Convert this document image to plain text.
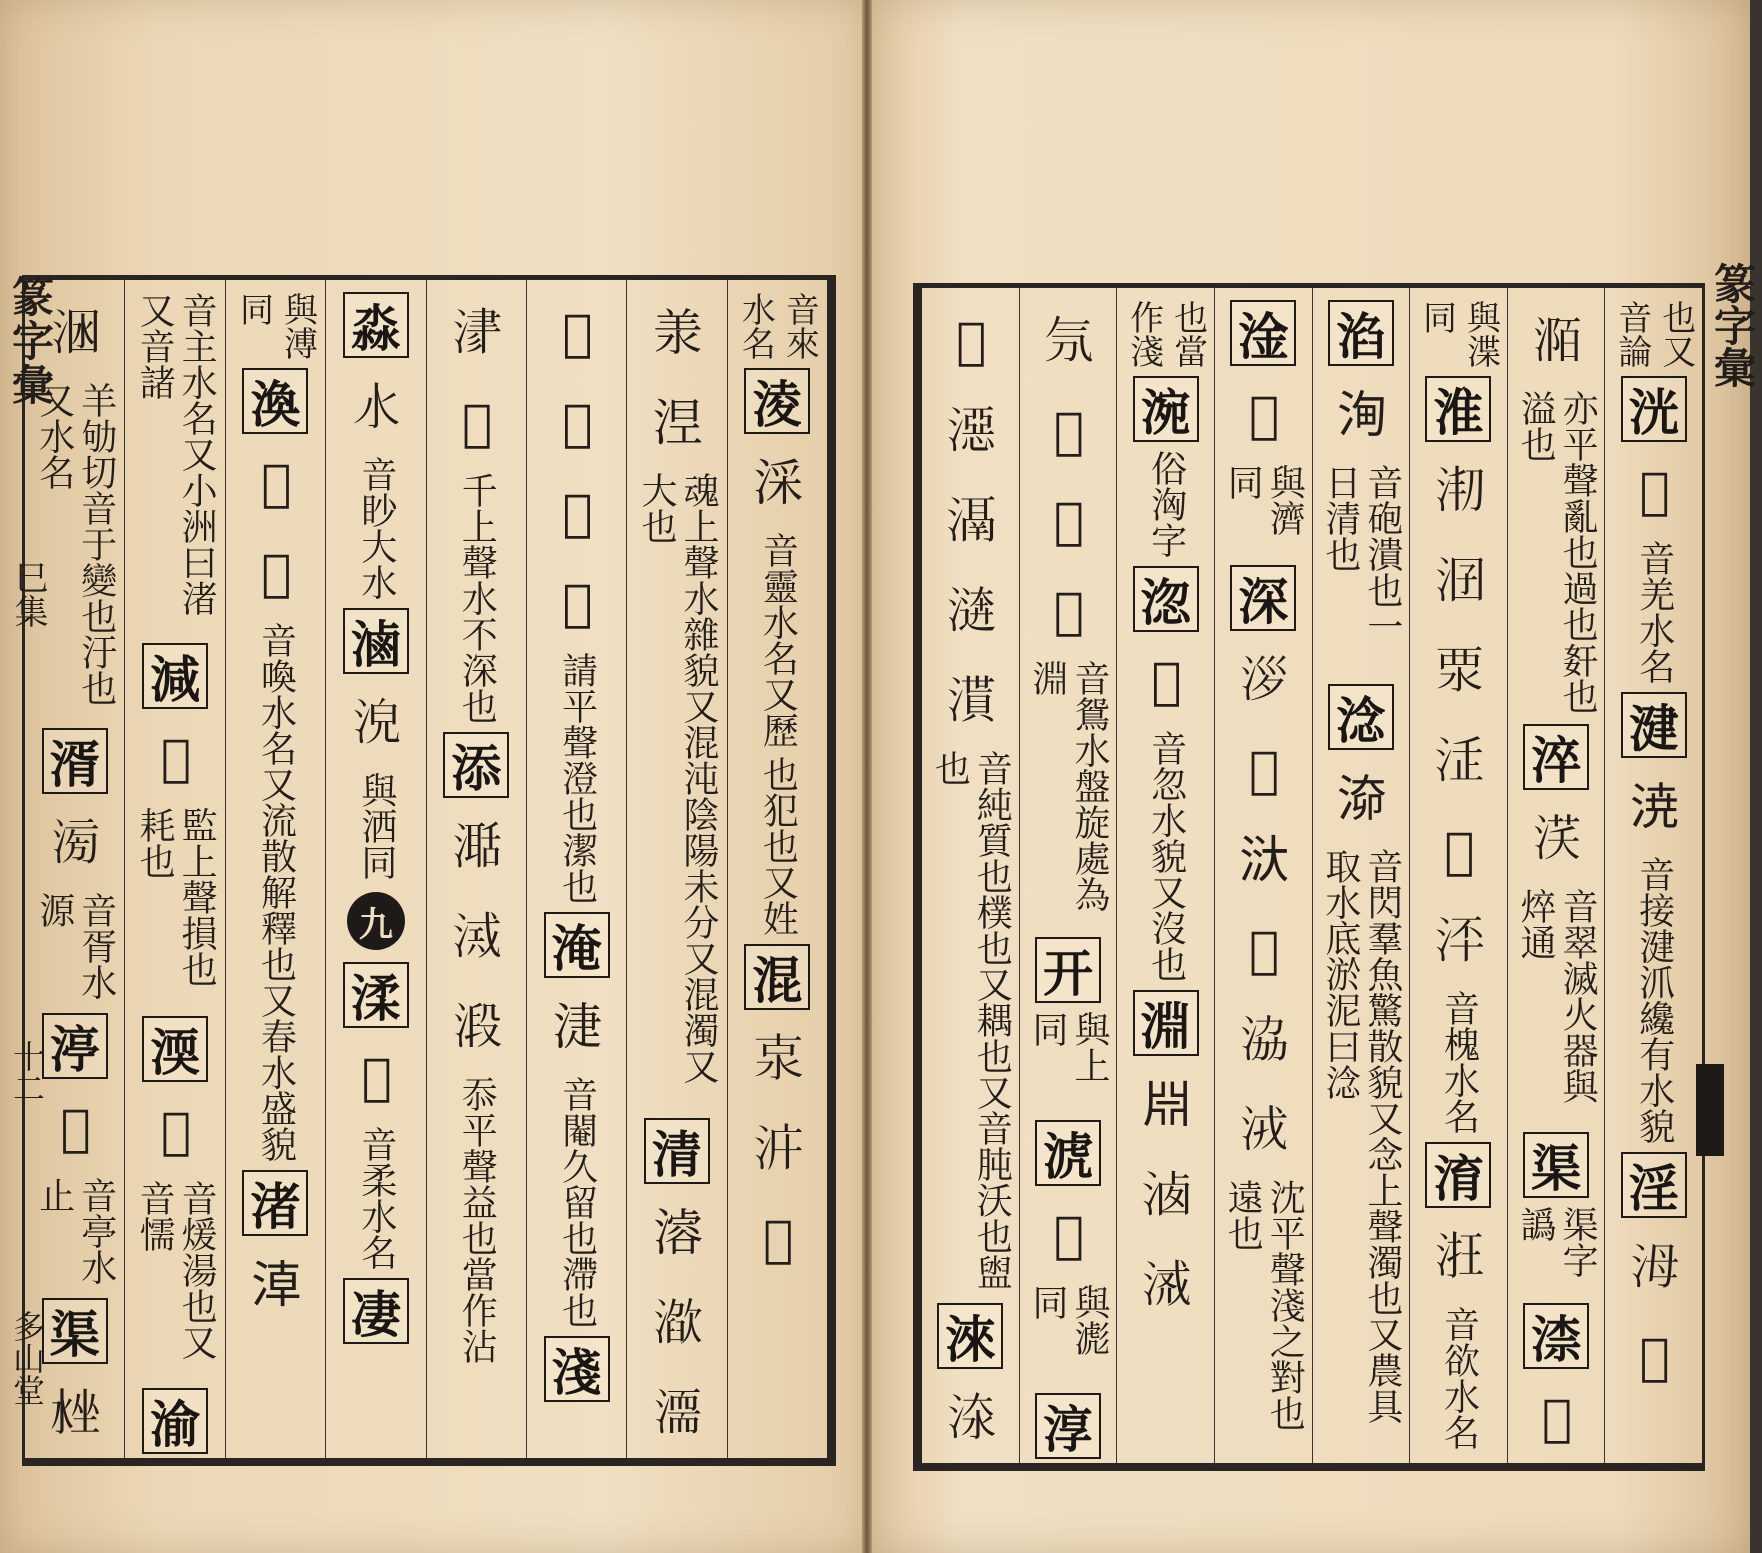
音來
水名
淩
𣶶
音靈水名又歷
也犯也又姓
混
𣳂
𣳝
𣶲
𣴎
𣵀
魂上聲水雜貌又混沌陰陽未分又混濁又大也
清
𣽊
𣽌
𣽈
𣷋
𣷌
𣷍
𣷎
請平聲澄也潔也
淹
𣶏
音閹久留也滯也
淺
𣸁
𣹀
千上聲水不深也
添
𣽅
𣸂
𣹂
忝平聲益也當作沾
淼
𣱱
音眇大水
滷
𣴟
與洒同
九
渘
𣷉
音柔水名
凄
與溥
同
渙
𣵫
𣵬
音喚水名又流散解釋也又春水盛貌
渚
𣶃
音主水名又小洲曰渚又音諸
減
𣵢
監上聲損也耗也
渜
𣸸
音煖湯也又音懦
渝
𣴺
羊劬切音于變也汙也又水名
湑
𣶢
音胥水源
渟
𣷇
音亭水止
渠
𣴳
也又
音論
洸
𣵼
音羌水名
湕
𣷝
音接湕沠纔有水貌
淫
𣳠
𣳡
𣶊
亦平聲亂也過也姧也溢也
淬
𣵽
音翠滅火器與焠通
渠
渠字譌
渿
𣵕
與渫
同
淮
𣳱
𣳲
𣳳
𣳴
𣳵
𣳶
音槐水名
淯
𣵱
音欲水名
淊
𣵦
音砲潰也一日清也
淰
𣶐
音閃羣魚驚散貌又念上聲濁也又農具取水底淤泥曰淰
淦
𣵐
與濟同
深
𣴖
𣴗
𣴘
𣴙
𣴚
𣴛
沈平聲淺之對也遠也
也當
作淺
涴
俗洶字
淴
𣵃
音忽水貌又沒也
淵
𣶒
𣶓
𣶔
𣱕
𣱖
𣱗
𣱘
音鴛水盤旋處為淵
开
與上同
淲
𣵔
與滮同
淳
𣽎
𣽏
𣽐
𣽑
𣽒
音純質也樸也又耦也又音肫沃也盥也
淶
𣵟
篆字彙
巳集
十二
多山堂
篆字彙
